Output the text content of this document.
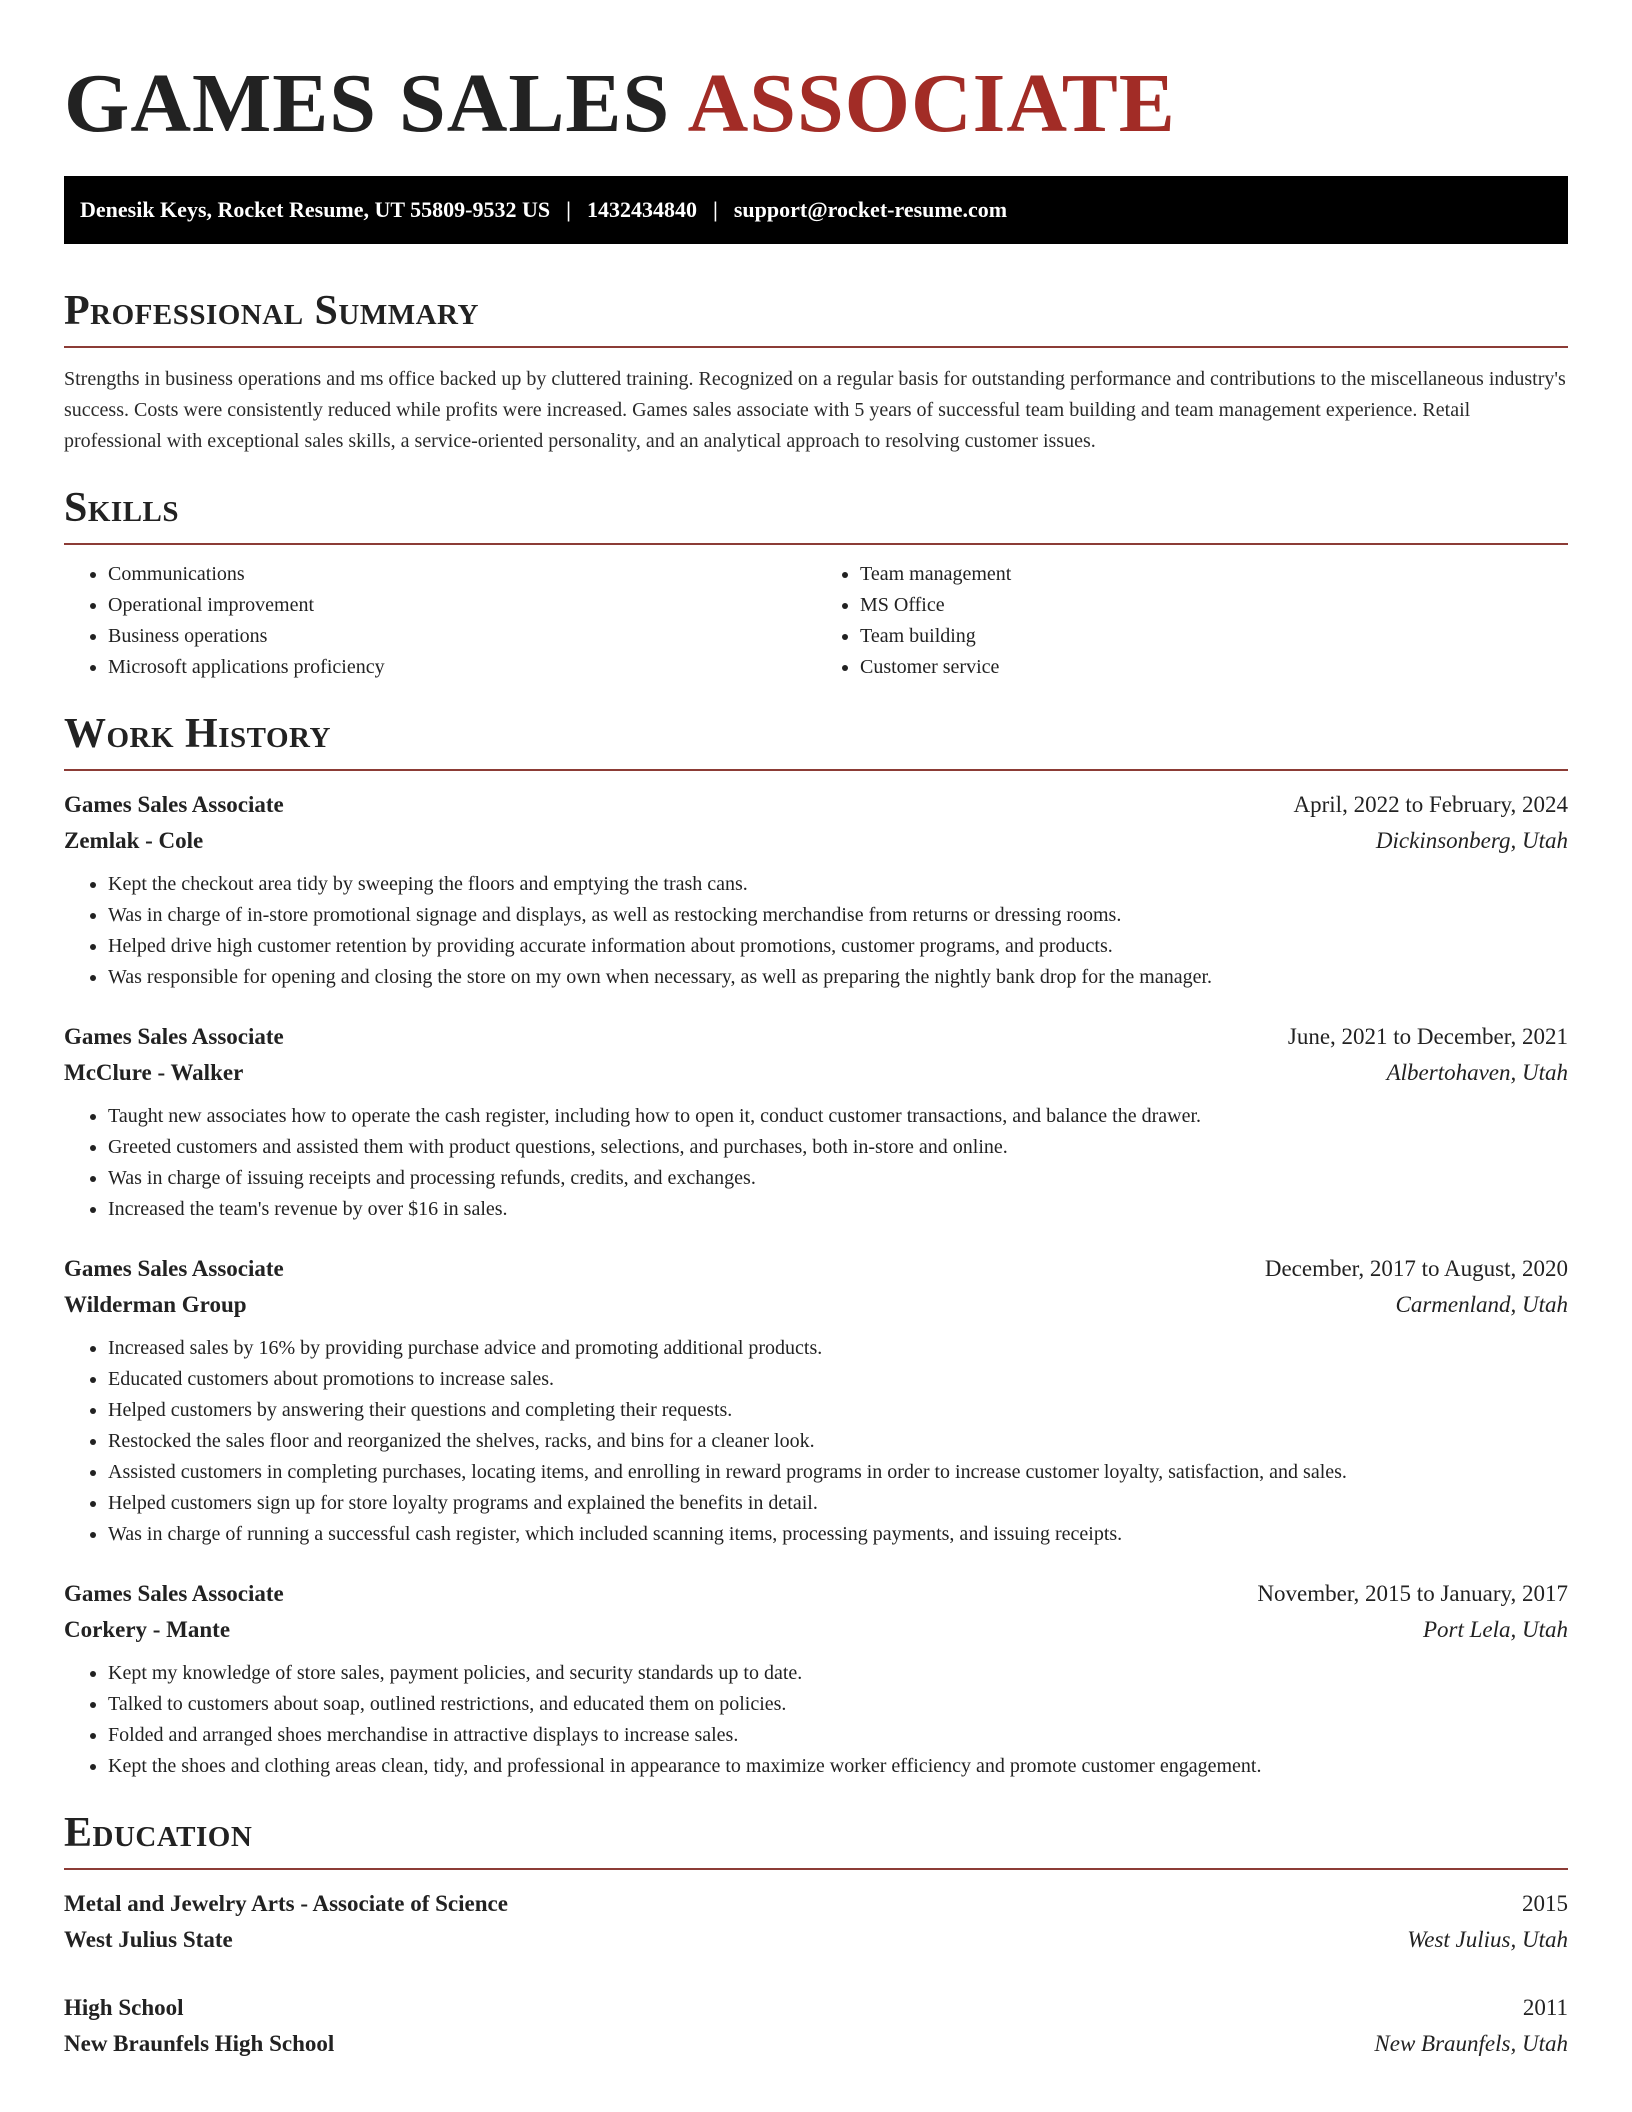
GAMES SALES ASSOCIATE
Denesik Keys, Rocket Resume, UT 55809-9532 US | 1432434840 | support@rocket-resume.com
Professional Summary

Strengths in business operations and ms office backed up by cluttered training. Recognized on a regular basis for outstanding performance and contributions to the miscellaneous industry's success. Costs were consistently reduced while profits were increased. Games sales associate with 5 years of successful team building and team management experience. Retail professional with exceptional sales skills, a service-oriented personality, and an analytical approach to resolving customer issues.

Skills
• Communications
• Operational improvement
• Business operations
• Microsoft applications proficiency
• Team management
• MS Office
• Team building
• Customer service
Work History
Games Sales Associate	April, 2022 to February, 2024
Zemlak - Cole	Dickinsonberg, Utah
• Kept the checkout area tidy by sweeping the floors and emptying the trash cans.
• Was in charge of in-store promotional signage and displays, as well as restocking merchandise from returns or dressing rooms.
• Helped drive high customer retention by providing accurate information about promotions, customer programs, and products.
• Was responsible for opening and closing the store on my own when necessary, as well as preparing the nightly bank drop for the manager.
Games Sales Associate	June, 2021 to December, 2021
McClure - Walker	Albertohaven, Utah
• Taught new associates how to operate the cash register, including how to open it, conduct customer transactions, and balance the drawer.
• Greeted customers and assisted them with product questions, selections, and purchases, both in-store and online.
• Was in charge of issuing receipts and processing refunds, credits, and exchanges.
• Increased the team's revenue by over $16 in sales.
Games Sales Associate	December, 2017 to August, 2020
Wilderman Group	Carmenland, Utah
• Increased sales by 16% by providing purchase advice and promoting additional products.
• Educated customers about promotions to increase sales.
• Helped customers by answering their questions and completing their requests.
• Restocked the sales floor and reorganized the shelves, racks, and bins for a cleaner look.
• Assisted customers in completing purchases, locating items, and enrolling in reward programs in order to increase customer loyalty, satisfaction, and sales.
• Helped customers sign up for store loyalty programs and explained the benefits in detail.
• Was in charge of running a successful cash register, which included scanning items, processing payments, and issuing receipts.
Games Sales Associate	November, 2015 to January, 2017
Corkery - Mante	Port Lela, Utah
• Kept my knowledge of store sales, payment policies, and security standards up to date.
• Talked to customers about soap, outlined restrictions, and educated them on policies.
• Folded and arranged shoes merchandise in attractive displays to increase sales.
• Kept the shoes and clothing areas clean, tidy, and professional in appearance to maximize worker efficiency and promote customer engagement.
Education
Metal and Jewelry Arts - Associate of Science	2015
West Julius State	West Julius, Utah
High School	2011
New Braunfels High School	New Braunfels, Utah
